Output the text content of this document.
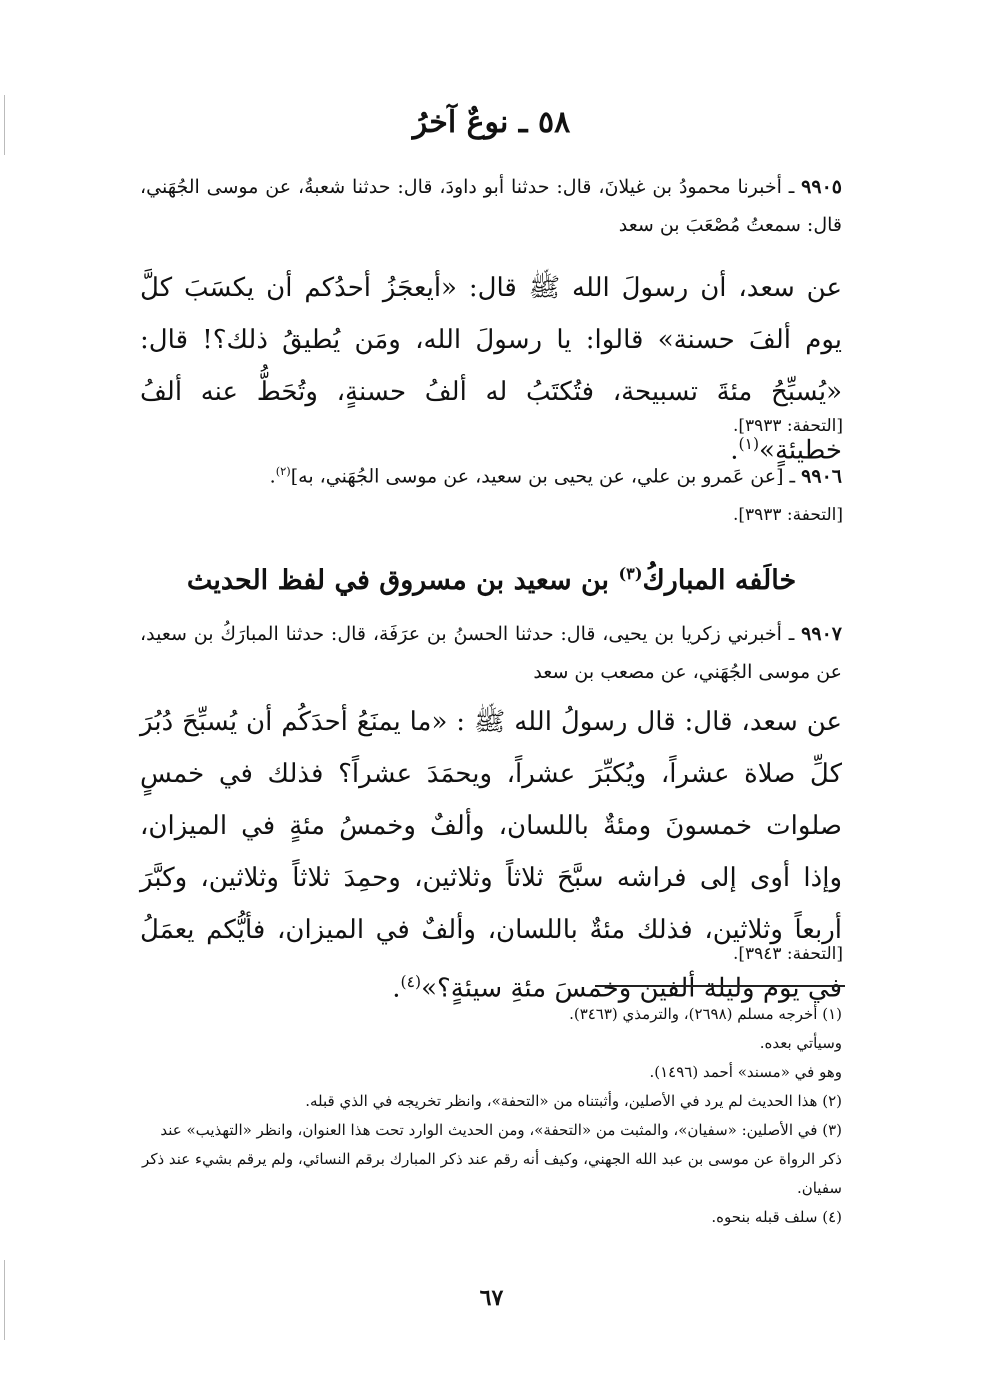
٥٨ ـ نوعٌ آخرُ
٩٩٠٥ ـ أخبرنا محمودُ بن غيلانَ، قال: حدثنا أبو داودَ، قال: حدثنا شعبةُ، عن موسى الجُهَني، قال: سمعتُ مُصْعَبَ بن سعد
عن سعد، أن رسولَ الله ﷺ قال: «أيعجَزُ أحدُكم أن يكسَبَ كلَّ يوم ألفَ حسنة» قالوا: يا رسولَ الله، ومَن يُطيقُ ذلك؟! قال: «يُسبِّحُ مئةَ تسبيحة، فتُكتَبُ له ألفُ حسنةٍ، وتُحَطُّ عنه ألفُ خطيئةٍ»$^{(١)}$.
[التحفة: ٣٩٣٣].
٩٩٠٦ ـ [عن عَمرو بن علي، عن يحيى بن سعيد، عن موسى الجُهَني، به]$^{(٢)}$.
[التحفة: ٣٩٣٣].
خالَفه المباركُ$^{(٣)}$ بن سعيد بن مسروق في لفظ الحديث
٩٩٠٧ ـ أخبرني زكريا بن يحيى، قال: حدثنا الحسنُ بن عرَفَة، قال: حدثنا المبارَكُ بن سعيد، عن موسى الجُهَني، عن مصعب بن سعد
عن سعد، قال: قال رسولُ الله ﷺ : «ما يمنَعُ أحدَكُم أن يُسبِّحَ دُبُرَ كلِّ صلاة عشراً، ويُكبِّرَ عشراً، ويحمَدَ عشراً؟ فذلك في خمسٍ صلوات خمسونَ ومئةٌ باللسان، وألفٌ وخمسُ مئةٍ في الميزان، وإذا أوى إلى فراشه سبَّحَ ثلاثاً وثلاثين، وحمِدَ ثلاثاً وثلاثين، وكبَّرَ أربعاً وثلاثين، فذلك مئةٌ باللسان، وألفٌ في الميزان، فأيُّكم يعمَلُ في يوم وليلة ألفين وخمسَ مئةِ سيئةٍ؟»$^{(٤)}$.
[التحفة: ٣٩٤٣].
(١) أخرجه مسلم (٢٦٩٨)، والترمذي (٣٤٦٣).
وسيأتي بعده.
وهو في «مسند» أحمد (١٤٩٦).
(٢) هذا الحديث لم يرد في الأصلين، وأثبتناه من «التحفة»، وانظر تخريجه في الذي قبله.
(٣) في الأصلين: «سفيان»، والمثبت من «التحفة»، ومن الحديث الوارد تحت هذا العنوان، وانظر «التهذيب» عند ذكر الرواة عن موسى بن عبد الله الجهني، وكيف أنه رقم عند ذكر المبارك برقم النسائي، ولم يرقم بشيء عند ذكر سفيان.
(٤) سلف قبله بنحوه.
٦٧
